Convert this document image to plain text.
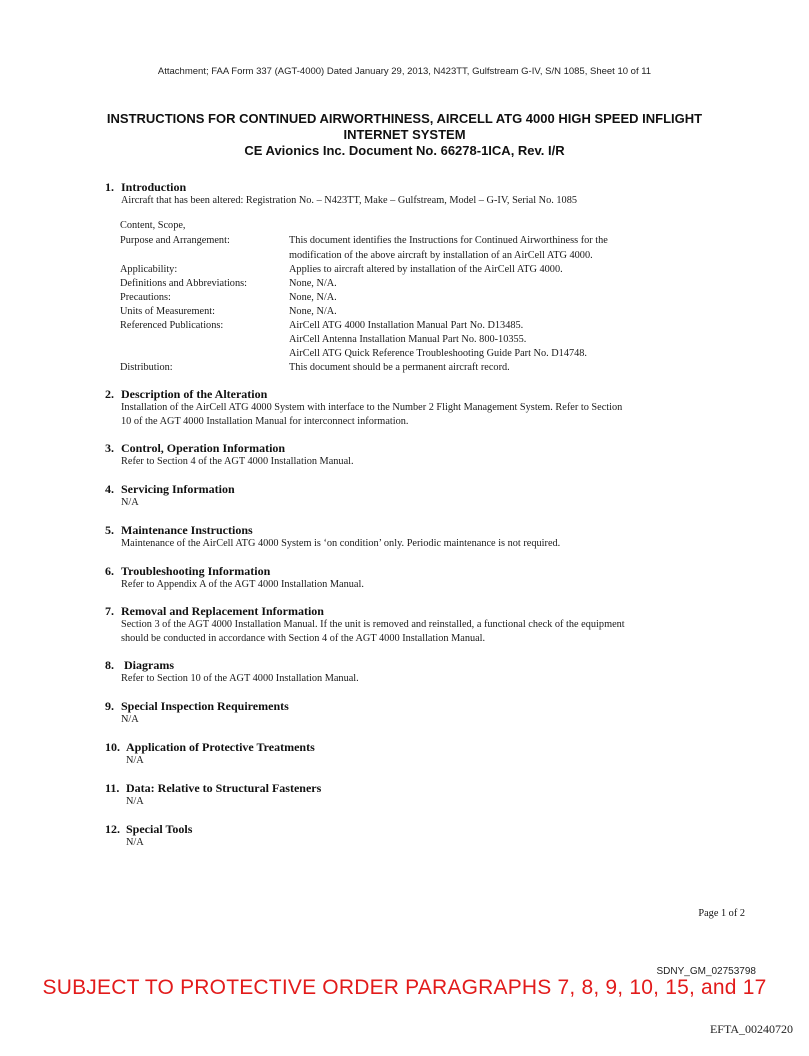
Attachment; FAA Form 337 (AGT-4000) Dated January 29, 2013, N423TT, Gulfstream G-IV, S/N 1085, Sheet 10 of 11
INSTRUCTIONS FOR CONTINUED AIRWORTHINESS, AIRCELL ATG 4000 HIGH SPEED INFLIGHT
INTERNET SYSTEM
CE Avionics Inc. Document No. 66278-1ICA, Rev. I/R
1. Introduction
Aircraft that has been altered: Registration No. – N423TT, Make – Gulfstream, Model – G-IV, Serial No. 1085
Content, Scope,
Purpose and Arrangement:	This document identifies the Instructions for Continued Airworthiness for the
modification of the above aircraft by installation of an AirCell ATG 4000.
Applicability:	Applies to aircraft altered by installation of the AirCell ATG 4000.
Definitions and Abbreviations:	None, N/A.
Precautions:	None, N/A.
Units of Measurement:	None, N/A.
Referenced Publications:	AirCell ATG 4000 Installation Manual Part No. D13485.
AirCell Antenna Installation Manual Part No. 800-10355.
AirCell ATG Quick Reference Troubleshooting Guide Part No. D14748.
Distribution:	This document should be a permanent aircraft record.
2. Description of the Alteration
Installation of the AirCell ATG 4000 System with interface to the Number 2 Flight Management System. Refer to Section
10 of the AGT 4000 Installation Manual for interconnect information.
3. Control, Operation Information
Refer to Section 4 of the AGT 4000 Installation Manual.
4. Servicing Information
N/A
5. Maintenance Instructions
Maintenance of the AirCell ATG 4000 System is ‘on condition’ only. Periodic maintenance is not required.
6. Troubleshooting Information
Refer to Appendix A of the AGT 4000 Installation Manual.
7. Removal and Replacement Information
Section 3 of the AGT 4000 Installation Manual. If the unit is removed and reinstalled, a functional check of the equipment
should be conducted in accordance with Section 4 of the AGT 4000 Installation Manual.
8. Diagrams
Refer to Section 10 of the AGT 4000 Installation Manual.
9. Special Inspection Requirements
N/A
10. Application of Protective Treatments
N/A
11. Data: Relative to Structural Fasteners
N/A
12. Special Tools
N/A
Page 1 of 2
SDNY_GM_02753798
SUBJECT TO PROTECTIVE ORDER PARAGRAPHS 7, 8, 9, 10, 15, and 17
EFTA_00240720
